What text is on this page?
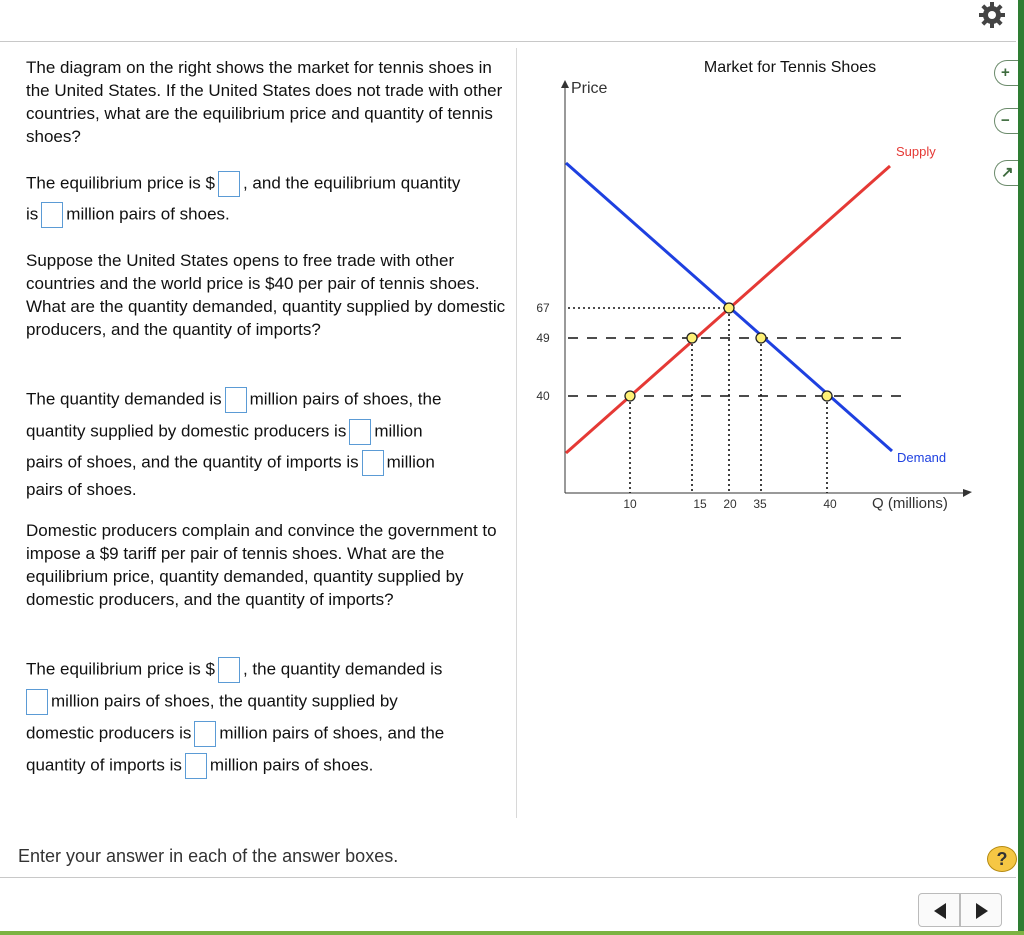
+
−
↗

The diagram on the right shows the market for tennis shoes in the United States. If the United States does not trade with other countries, what are the equilibrium price and quantity of tennis shoes?

The equilibrium price is $ , and the equilibrium quantity
is million pairs of shoes.

Suppose the United States opens to free trade with other countries and the world price is $40 per pair of tennis shoes. What are the quantity demanded, quantity supplied by domestic producers, and the quantity of imports?

The quantity demanded is million pairs of shoes, the
quantity supplied by domestic producers is million
pairs of shoes, and the quantity of imports is million
pairs of shoes.

Domestic producers complain and convince the government to impose a $9 tariff per pair of tennis shoes. What are the equilibrium price, quantity demanded, quantity supplied by domestic producers, and the quantity of imports?

The equilibrium price is $ , the quantity demanded is
million pairs of shoes, the quantity supplied by
domestic producers is million pairs of shoes, and the
quantity of imports is million pairs of shoes.
Market for Tennis Shoes
Price
Q (millions)
67
49
40
10	15 20 35	40
Supply
Demand
Enter your answer in each of the answer boxes.	?
